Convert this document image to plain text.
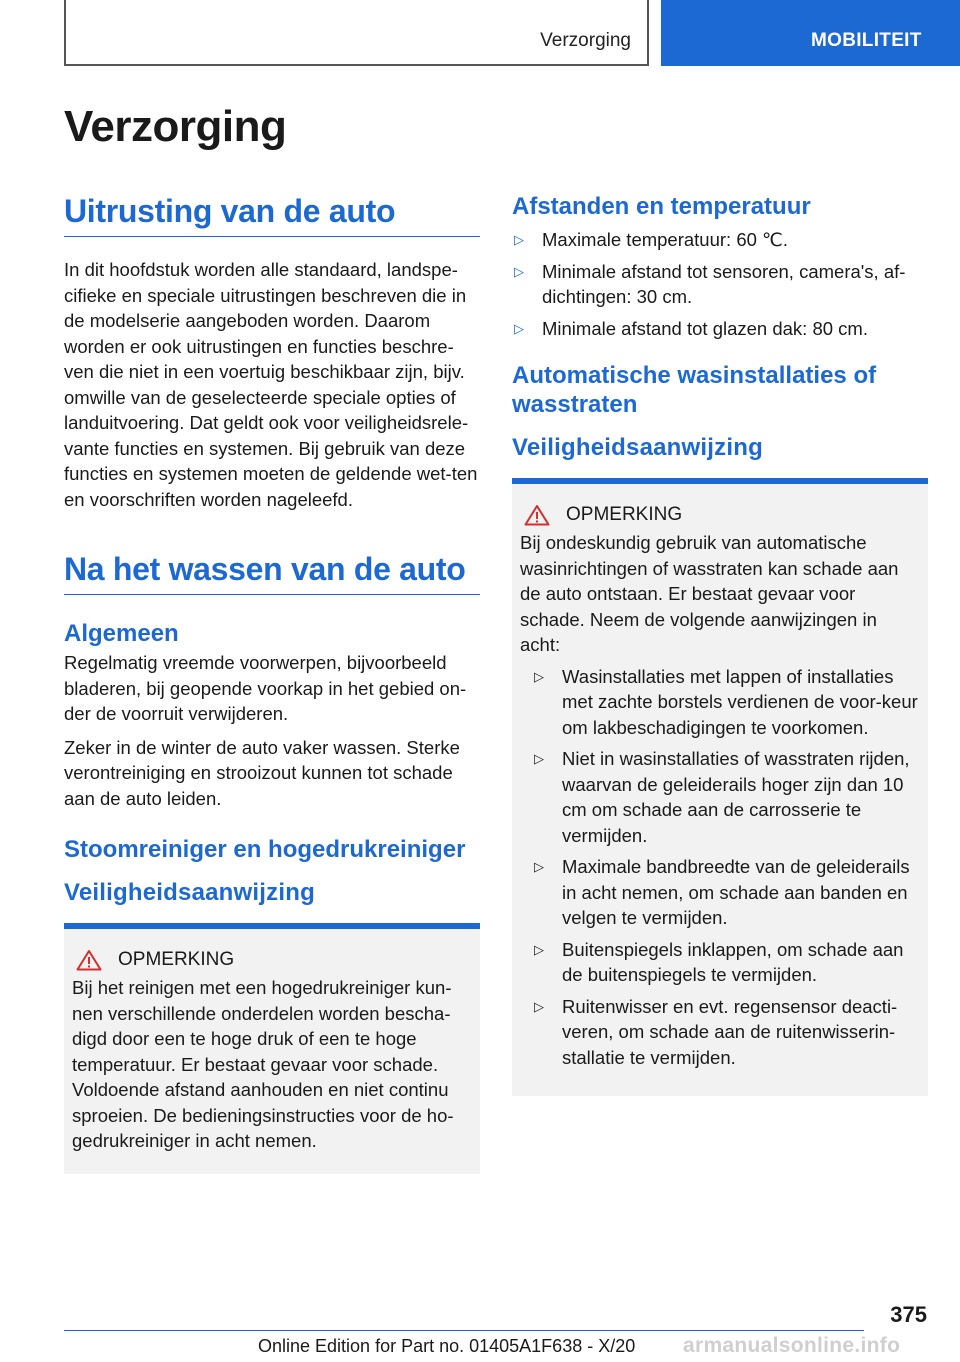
Verzorging	MOBILITEIT
Verzorging
Uitrusting van de auto

In dit hoofdstuk worden alle standaard, landspe-cifieke en speciale uitrustingen beschreven die in de modelserie aangeboden worden. Daarom worden er ook uitrustingen en functies beschre-ven die niet in een voertuig beschikbaar zijn, bijv. omwille van de geselecteerde speciale opties of landuitvoering. Dat geldt ook voor veiligheidsrele-vante functies en systemen. Bij gebruik van deze functies en systemen moeten de geldende wet-ten en voorschriften worden nageleefd.

Na het wassen van de auto
Algemeen

Regelmatig vreemde voorwerpen, bijvoorbeeld bladeren, bij geopende voorkap in het gebied on-der de voorruit verwijderen.

Zeker in de winter de auto vaker wassen. Sterke verontreiniging en strooizout kunnen tot schade aan de auto leiden.

Stoomreiniger en hogedrukreiniger
Veiligheidsaanwijzing
OPMERKING

Bij het reinigen met een hogedrukreiniger kun-nen verschillende onderdelen worden bescha-digd door een te hoge druk of een te hoge temperatuur. Er bestaat gevaar voor schade. Voldoende afstand aanhouden en niet continu sproeien. De bedieningsinstructies voor de ho-gedrukreiniger in acht nemen.

Afstanden en temperatuur
▷ Maximale temperatuur: 60 ℃.
▷ Minimale afstand tot sensoren, camera's, af-dichtingen: 30 cm.
▷ Minimale afstand tot glazen dak: 80 cm.
Automatische wasinstallaties of wasstraten
Veiligheidsaanwijzing
OPMERKING

Bij ondeskundig gebruik van automatische wasinrichtingen of wasstraten kan schade aan de auto ontstaan. Er bestaat gevaar voor schade. Neem de volgende aanwijzingen in acht:

▷ Wasinstallaties met lappen of installaties met zachte borstels verdienen de voor-keur om lakbeschadigingen te voorkomen.
▷ Niet in wasinstallaties of wasstraten rijden, waarvan de geleiderails hoger zijn dan 10 cm om schade aan de carrosserie te vermijden.
▷ Maximale bandbreedte van de geleiderails in acht nemen, om schade aan banden en velgen te vermijden.
▷ Buitenspiegels inklappen, om schade aan de buitenspiegels te vermijden.
▷ Ruitenwisser en evt. regensensor deacti-veren, om schade aan de ruitenwisserin-stallatie te vermijden.
375
Online Edition for Part no. 01405A1F638 - X/20 armanualsonline.info
